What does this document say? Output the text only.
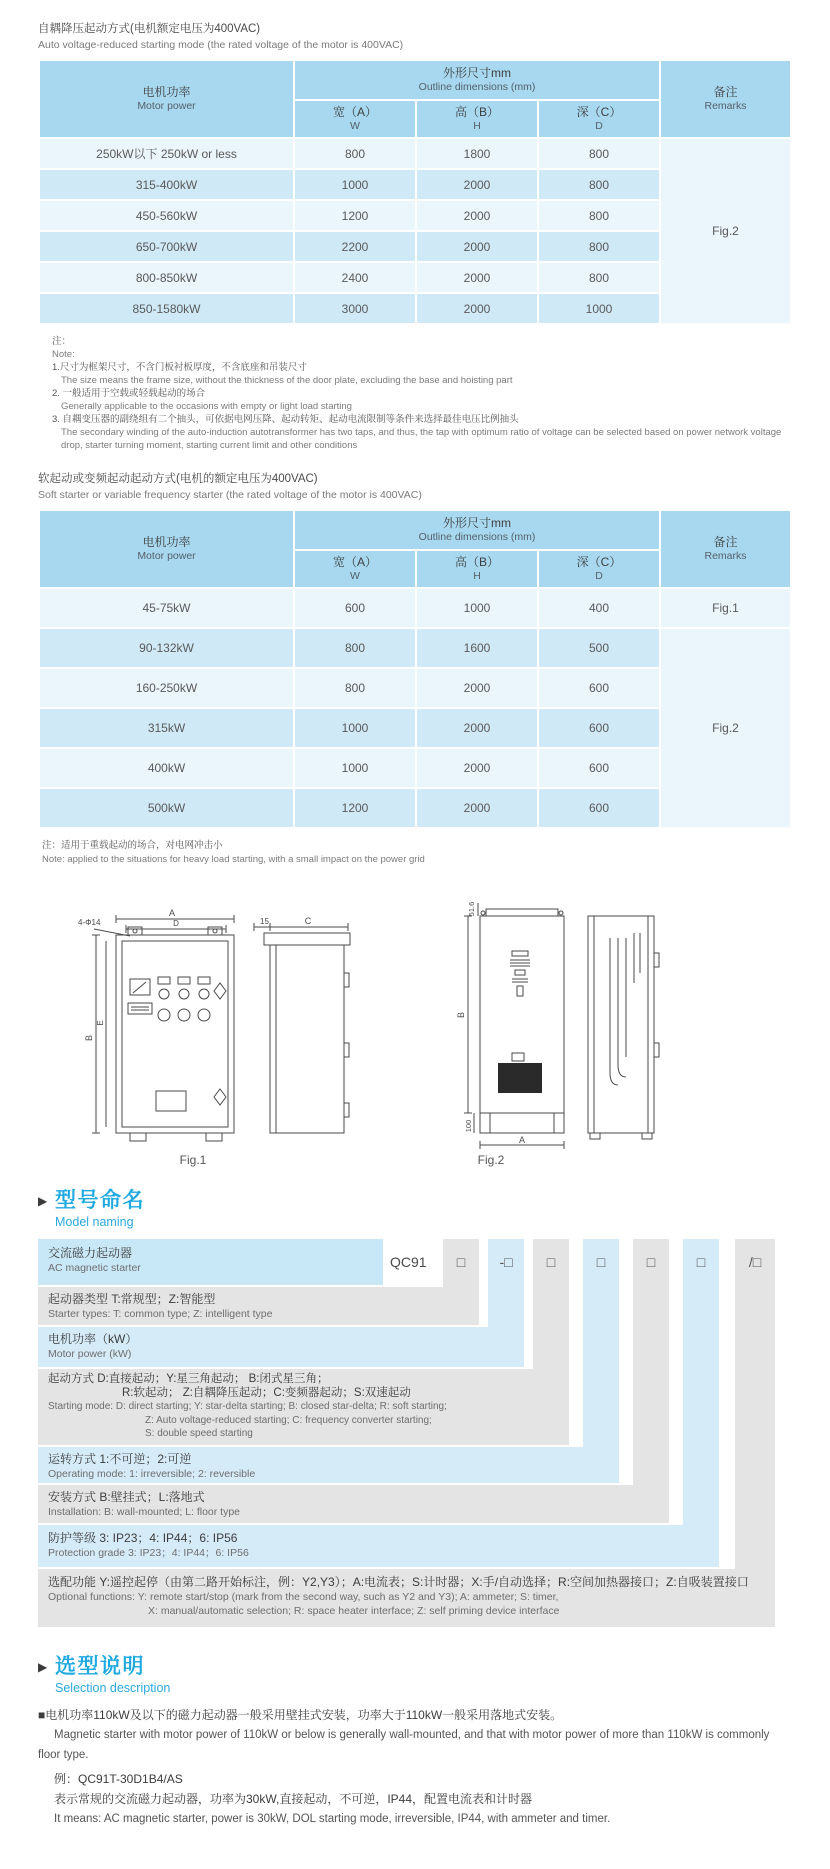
自耦降压起动方式(电机额定电压为400VAC)
Auto voltage-reduced starting mode (the rated voltage of the motor is 400VAC)
电机功率
Motor power

外形尺寸mm
Outline dimensions (mm)	备注
Remarks

宽（A）
W

高（B）
H

深（C）
D

250kW以下 250kW or less	800	1800	800	Fig.2
315-400kW	1000	2000	800	
450-560kW	1200	2000	800	
650-700kW	2200	2000	800	
800-850kW	2400	2000	800	
850-1580kW	3000	2000	1000	
注：
Note:
1.尺寸为框架尺寸，不含门板衬板厚度，不含底座和吊装尺寸
The size means the frame size, without the thickness of the door plate, excluding the base and hoisting part
2. 一般适用于空载或轻载起动的场合
Generally applicable to the occasions with empty or light load starting
3. 自耦变压器的副绕组有二个抽头，可依据电网压降、起动转矩、起动电流限制等条件来选择最佳电压比例抽头
The secondary winding of the auto-induction autotransformer has two taps, and thus, the tap with optimum ratio of voltage can be selected based on power network voltage drop, starter turning moment, starting current limit and other conditions
软起动或变频起动起动方式(电机的额定电压为400VAC)
Soft starter or variable frequency starter (the rated voltage of the motor is 400VAC)
电机功率
Motor power

外形尺寸mm
Outline dimensions (mm)	备注
Remarks

宽（A）
W

高（B）
H

深（C）
D

45-75kW	600	1000	400	Fig.1
90-132kW	800	1600	500	Fig.2
160-250kW	800	2000	600	
315kW	1000	2000	600	
400kW	1000	2000	600	
500kW	1200	2000	600	
注：适用于重载起动的场合，对电网冲击小
Note: applied to the situations for heavy load starting, with a small impact on the power grid
4-Φ14
A
D	15	C
B
E
51.6
B
100
A
Fig.1	Fig.2
▶ 型号命名
Model naming
□	-□	□	□	□	□	/□
交流磁力起动器
AC magnetic starter	QC91
起动器类型 T:常规型；Z:智能型
Starter types: T: common type; Z: intelligent type
电机功率（kW）
Motor power (kW)
起动方式 D:直接起动；Y:星三角起动； B:闭式星三角；
R:软起动； Z:自耦降压起动；C:变频器起动；S:双速起动
Starting mode: D: direct starting; Y: star-delta starting; B: closed star-delta; R: soft starting;
Z: Auto voltage-reduced starting; C: frequency converter starting;
S: double speed starting
运转方式 1:不可逆；2:可逆
Operating mode: 1: irreversible; 2: reversible
安装方式 B:壁挂式；L:落地式
Installation: B: wall-mounted; L: floor type
防护等级 3: IP23；4: IP44；6: IP56
Protection grade 3: IP23；4: IP44；6: IP56
选配功能 Y:遥控起停（由第二路开始标注，例：Y2,Y3）；A:电流表；S:计时器；X:手/自动选择；R:空间加热器接口；Z:自吸装置接口
Optional functions: Y: remote start/stop (mark from the second way, such as Y2 and Y3); A: ammeter; S: timer,
X: manual/automatic selection; R: space heater interface; Z: self priming device interface
▶ 选型说明
Selection description
■电机功率110kW及以下的磁力起动器一般采用壁挂式安装，功率大于110kW一般采用落地式安装。
Magnetic starter with motor power of 110kW or below is generally wall-mounted, and that with motor power of more than 110kW is commonly floor type.
例：QC91T-30D1B4/AS
表示常规的交流磁力起动器，功率为30kW,直接起动，不可逆，IP44，配置电流表和计时器
It means: AC magnetic starter, power is 30kW, DOL starting mode, irreversible, IP44, with ammeter and timer.
